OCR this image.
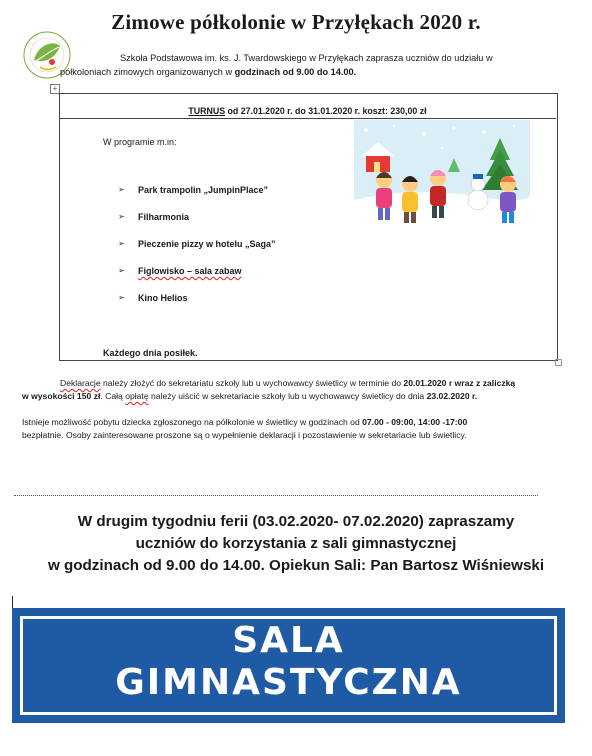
Zimowe półkolonie w Przyłękach 2020 r.
Szkoła Podstawowa im. ks. J. Twardowskiego w Przyłękach zaprasza uczniów do udziału w
półkoloniach zimowych organizowanych w godzinach od 9.00 do 14.00.
+
TURNUS od 27.01.2020 r. do 31.01.2020 r. koszt: 230,00 zł
W programie m.in:
➢	Park trampolin „JumpinPlace”
➢	Filharmonia
➢	Pieczenie pizzy w hotelu „Saga”
➢	Figlowisko – sala zabaw
➢	Kino Helios
Każdego dnia posiłek.
Deklaracje należy złożyć do sekretariatu szkoły lub u wychowawcy świetlicy w terminie do 20.01.2020 r wraz z zaliczką
w wysokości 150 zł. Całą opłatę należy uiścić w sekretariacie szkoły lub u wychowawcy świetlicy do dnia 23.02.2020 r.
Istnieje możliwość pobytu dziecka zgłoszonego na półkolonie w świetlicy w godzinach od 07.00 - 09:00, 14:00 -17:00
bezpłatnie. Osoby zainteresowane proszone są o wypełnienie deklaracji i pozostawienie w sekretariacie lub świetlicy.
W drugim tygodniu ferii (03.02.2020- 07.02.2020) zapraszamy
uczniów do korzystania z sali gimnastycznej
w godzinach od 9.00 do 14.00. Opiekun Sali: Pan Bartosz Wiśniewski
SALA
GIMNASTYCZNA
